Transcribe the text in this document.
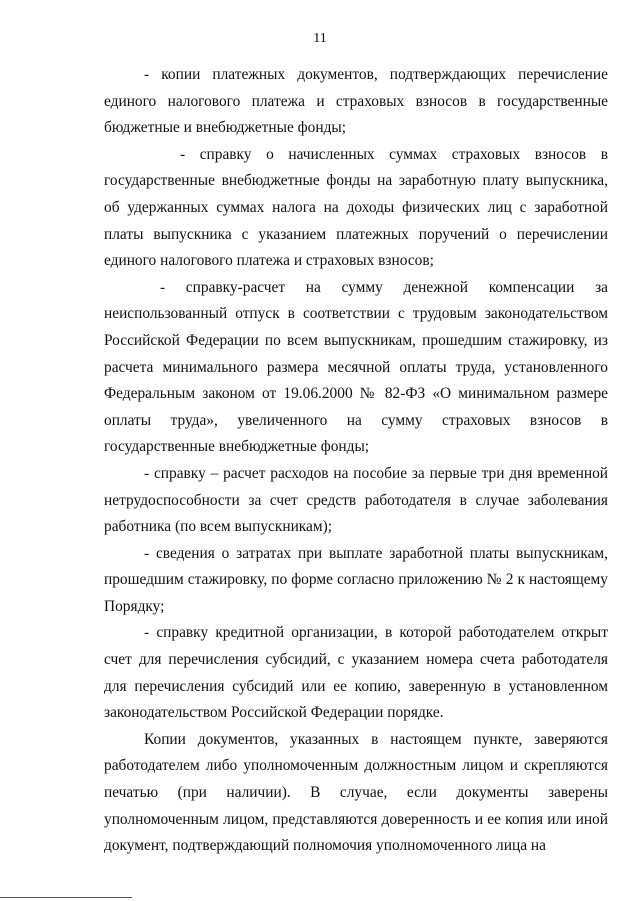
11

- копии платежных документов, подтверждающих перечисление единого налогового платежа и страховых взносов в государственные бюджетные и внебюджетные фонды;

- справку о начисленных суммах страховых взносов в государственные внебюджетные фонды на заработную плату выпускника, об удержанных суммах налога на доходы физических лиц с заработной платы выпускника с указанием платежных поручений о перечислении единого налогового платежа и страховых взносов;

- справку-расчет на сумму денежной компенсации за неиспользованный отпуск в соответствии с трудовым законодательством Российской Федерации по всем выпускникам, прошедшим стажировку, из расчета минимального размера месячной оплаты труда, установленного Федеральным законом от 19.06.2000 № 82-ФЗ «О минимальном размере оплаты труда», увеличенного на сумму страховых взносов в государственные внебюджетные фонды;

- справку – расчет расходов на пособие за первые три дня временной нетрудоспособности за счет средств работодателя в случае заболевания работника (по всем выпускникам);

- сведения о затратах при выплате заработной платы выпускникам, прошедшим стажировку, по форме согласно приложению № 2 к настоящему Порядку;

- справку кредитной организации, в которой работодателем открыт счет для перечисления субсидий, с указанием номера счета работодателя для перечисления субсидий или ее копию, заверенную в установленном законодательством Российской Федерации порядке.

Копии документов, указанных в настоящем пункте, заверяются работодателем либо уполномоченным должностным лицом и скрепляются печатью (при наличии). В случае, если документы заверены уполномоченным лицом, представляются доверенность и ее копия или иной документ, подтверждающий полномочия уполномоченного лица на
